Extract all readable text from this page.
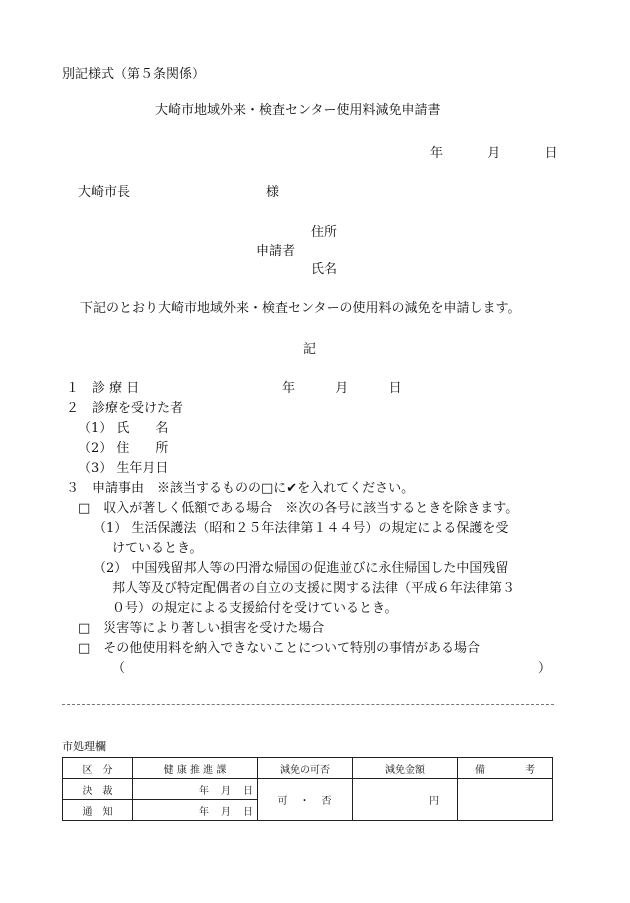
別記様式（第５条関係）
大崎市地域外来・検査センター使用料減免申請書
年	月	日
大崎市長	様
住所
申請者
氏名
下記のとおり大崎市地域外来・検査センターの使用料の減免を申請します。
記
１　診 療 日	年	月	日
２　診療を受けた者
（1） 氏　　名
（2） 住　　所
（3） 生年月日
３　申請事由　※該当するものの□に✔を入れてください。
□　収入が著しく低額である場合　※次の各号に該当するときを除きます。
（1） 生活保護法（昭和２５年法律第１４４号）の規定による保護を受
けているとき。
（2） 中国残留邦人等の円滑な帰国の促進並びに永住帰国した中国残留
邦人等及び特定配偶者の自立の支援に関する法律（平成６年法律第３
０号）の規定による支援給付を受けているとき。
□　災害等により著しい損害を受けた場合
□　その他使用料を納入できないことについて特別の事情がある場合
（	）
市処理欄
区　分	健 康 推 進 課	減免の可否	減免金額	備　　　　考
決　裁	年 月 日	可　・　否	円	
通　知	年 月 日			
